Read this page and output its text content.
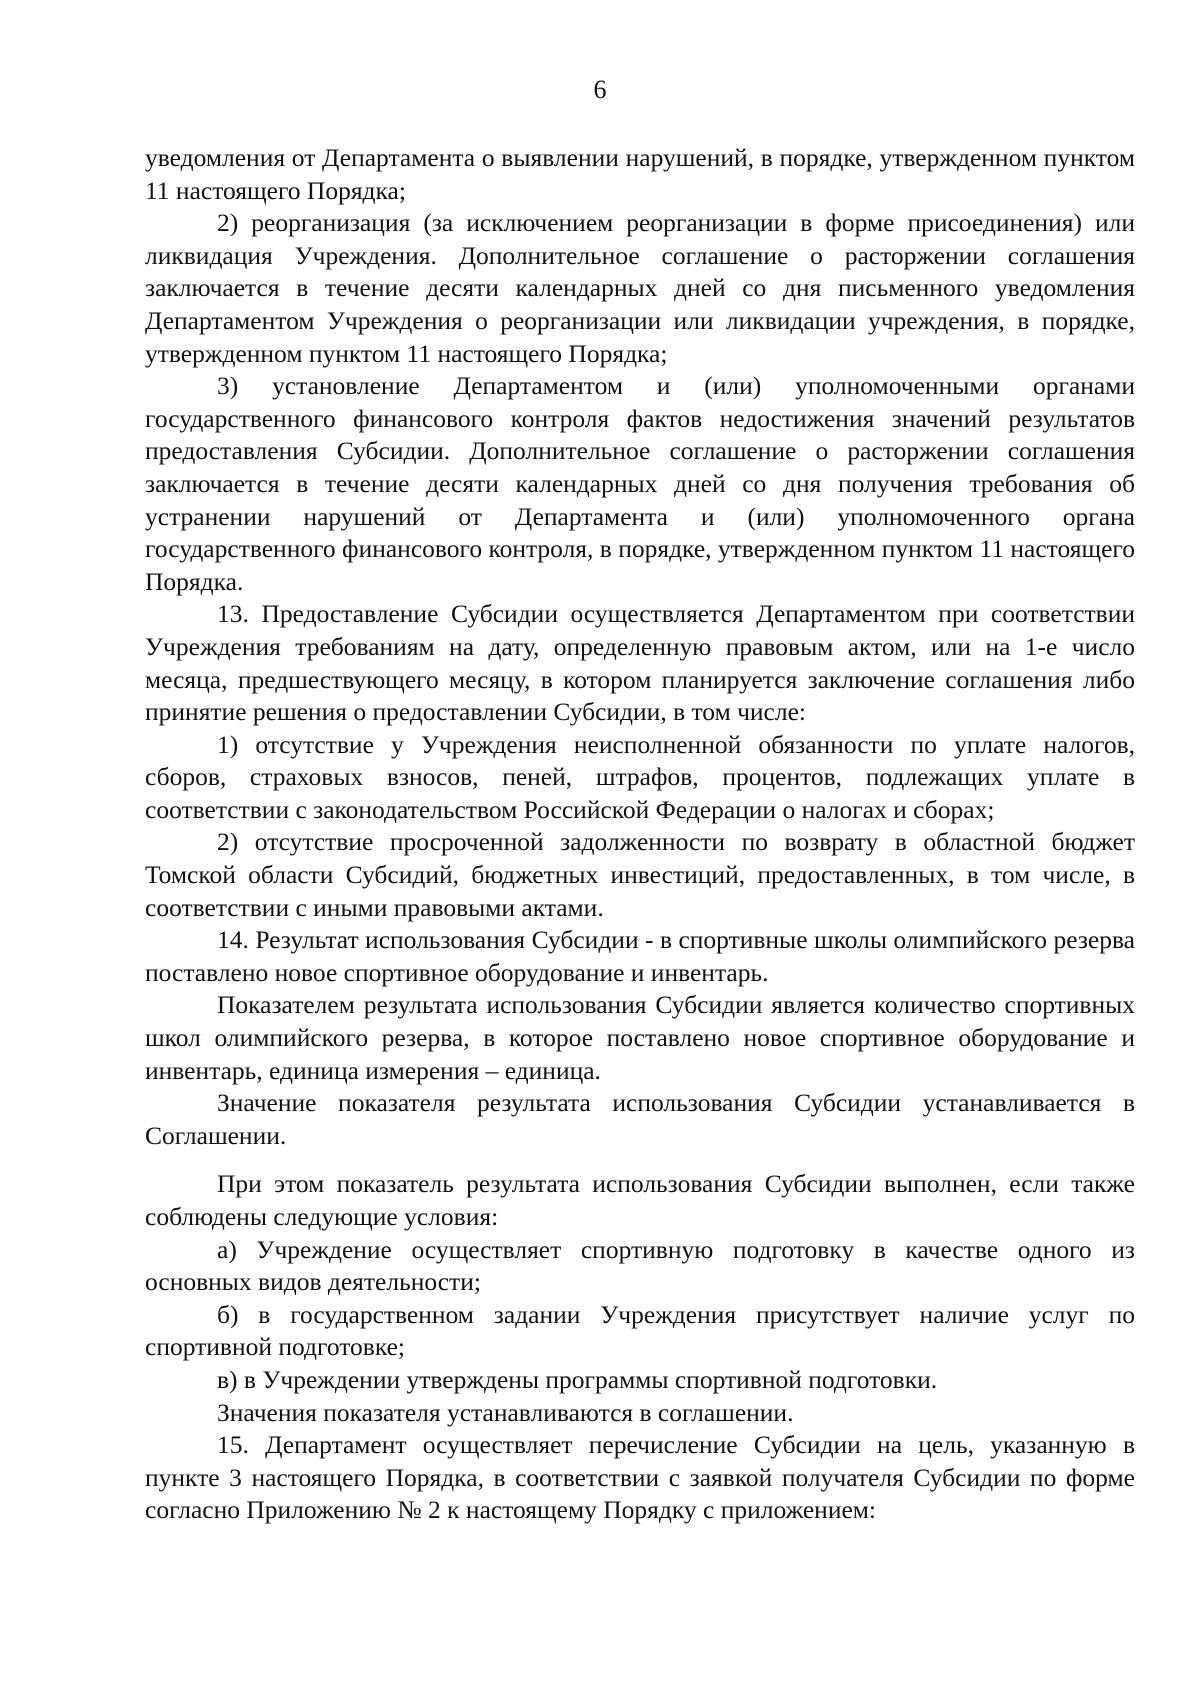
6

уведомления от Департамента о выявлении нарушений, в порядке, утвержденном пунктом 11 настоящего Порядка;

2) реорганизация (за исключением реорганизации в форме присоединения) или ликвидация Учреждения. Дополнительное соглашение о расторжении соглашения заключается в течение десяти календарных дней со дня письменного уведомления Департаментом Учреждения о реорганизации или ликвидации учреждения, в порядке, утвержденном пунктом 11 настоящего Порядка;

3) установление Департаментом и (или) уполномоченными органами государственного финансового контроля фактов недостижения значений результатов предоставления Субсидии. Дополнительное соглашение о расторжении соглашения заключается в течение десяти календарных дней со дня получения требования об устранении нарушений от Департамента и (или) уполномоченного органа государственного финансового контроля, в порядке, утвержденном пунктом 11 настоящего Порядка.

13. Предоставление Субсидии осуществляется Департаментом при соответствии Учреждения требованиям на дату, определенную правовым актом, или на 1-е число месяца, предшествующего месяцу, в котором планируется заключение соглашения либо принятие решения о предоставлении Субсидии, в том числе:

1) отсутствие у Учреждения неисполненной обязанности по уплате налогов, сборов, страховых взносов, пеней, штрафов, процентов, подлежащих уплате в соответствии с законодательством Российской Федерации о налогах и сборах;

2) отсутствие просроченной задолженности по возврату в областной бюджет Томской области Субсидий, бюджетных инвестиций, предоставленных, в том числе, в соответствии с иными правовыми актами.

14. Результат использования Субсидии - в спортивные школы олимпийского резерва поставлено новое спортивное оборудование и инвентарь.

Показателем результата использования Субсидии является количество спортивных школ олимпийского резерва, в которое поставлено новое спортивное оборудование и инвентарь, единица измерения – единица.

Значение показателя результата использования Субсидии устанавливается в Соглашении.

При этом показатель результата использования Субсидии выполнен, если также соблюдены следующие условия:

а) Учреждение осуществляет спортивную подготовку в качестве одного из основных видов деятельности;

б) в государственном задании Учреждения присутствует наличие услуг по спортивной подготовке;

в) в Учреждении утверждены программы спортивной подготовки.

Значения показателя устанавливаются в соглашении.

15. Департамент осуществляет перечисление Субсидии на цель, указанную в пункте 3 настоящего Порядка, в соответствии с заявкой получателя Субсидии по форме согласно Приложению № 2 к настоящему Порядку с приложением:
